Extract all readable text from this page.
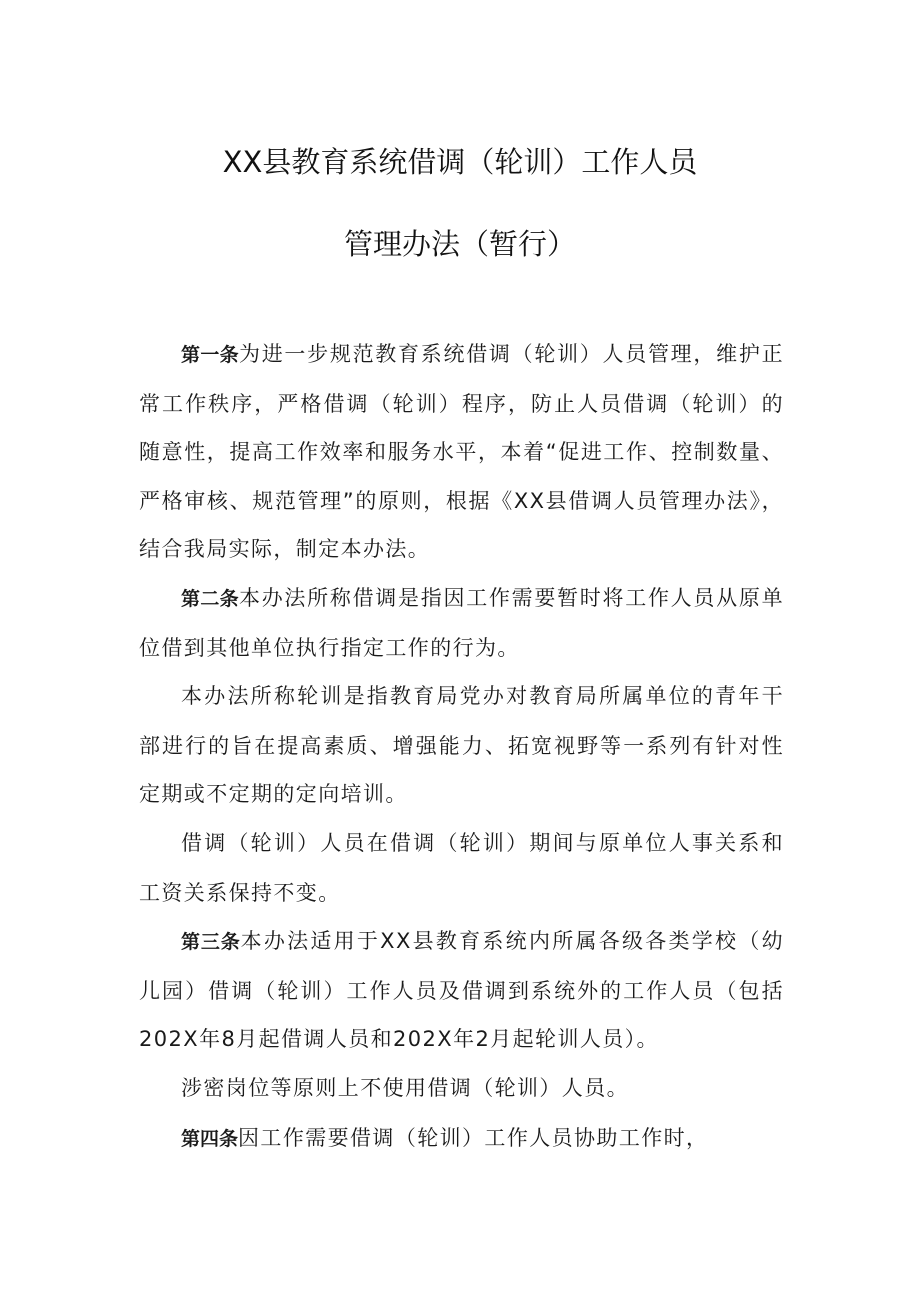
XX县教育系统借调（轮训）工作人员
管理办法（暂行）

第一条为进一步规范教育系统借调（轮训）人员管理，维护正常工作秩序，严格借调（轮训）程序，防止人员借调（轮训）的随意性，提高工作效率和服务水平，本着“促进工作、控制数量、严格审核、规范管理”的原则，根据《XX县借调人员管理办法》，结合我局实际，制定本办法。

第二条本办法所称借调是指因工作需要暂时将工作人员从原单位借到其他单位执行指定工作的行为。

本办法所称轮训是指教育局党办对教育局所属单位的青年干部进行的旨在提高素质、增强能力、拓宽视野等一系列有针对性定期或不定期的定向培训。

借调（轮训）人员在借调（轮训）期间与原单位人事关系和工资关系保持不变。

第三条本办法适用于XX县教育系统内所属各级各类学校（幼儿园）借调（轮训）工作人员及借调到系统外的工作人员（包括202X年8月起借调人员和202X年2月起轮训人员）。

涉密岗位等原则上不使用借调（轮训）人员。

第四条因工作需要借调（轮训）工作人员协助工作时，
